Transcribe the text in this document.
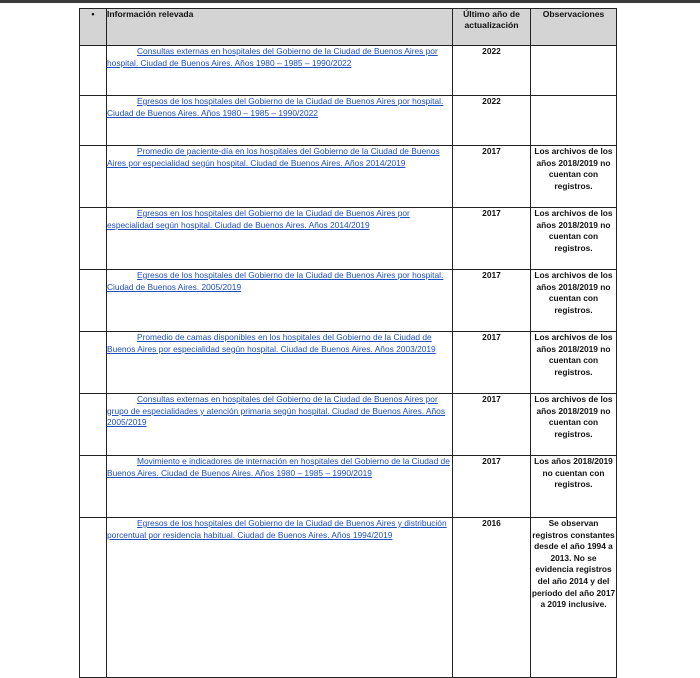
•	Información relevada	Último año de actualización	Observaciones
	Consultas externas en hospitales del Gobierno de la Ciudad de Buenos Aires por hospital. Ciudad de Buenos Aires. Años 1980 – 1985 – 1990/2022	2022	
	Egresos de los hospitales del Gobierno de la Ciudad de Buenos Aires por hospital. Ciudad de Buenos Aires. Años 1980 – 1985 – 1990/2022	2022	
	Promedio de paciente-día en los hospitales del Gobierno de la Ciudad de Buenos Aires por especialidad según hospital. Ciudad de Buenos Aires. Años 2014/2019	2017	Los archivos de los años 2018/2019 no cuentan con registros.
	Egresos en los hospitales del Gobierno de la Ciudad de Buenos Aires por especialidad según hospital. Ciudad de Buenos Aires. Años 2014/2019	2017	Los archivos de los años 2018/2019 no cuentan con registros.
	Egresos de los hospitales del Gobierno de la Ciudad de Buenos Aires por hospital. Ciudad de Buenos Aires. 2005/2019	2017	Los archivos de los años 2018/2019 no cuentan con registros.
	Promedio de camas disponibles en los hospitales del Gobierno de la Ciudad de Buenos Aires por especialidad según hospital. Ciudad de Buenos Aires. Años 2003/2019	2017	Los archivos de los años 2018/2019 no cuentan con registros.
	Consultas externas en hospitales del Gobierno de la Ciudad de Buenos Aires por grupo de especialidades y atención primaria según hospital. Ciudad de Buenos Aires. Años 2005/2019	2017	Los archivos de los años 2018/2019 no cuentan con registros.
	Movimiento e indicadores de internación en hospitales del Gobierno de la Ciudad de Buenos Aires. Ciudad de Buenos Aires. Años 1980 – 1985 – 1990/2019	2017	Los años 2018/2019 no cuentan con registros.
	Egresos de los hospitales del Gobierno de la Ciudad de Buenos Aires y distribución porcentual por residencia habitual. Ciudad de Buenos Aires. Años 1994/2019	2016	Se observan registros constantes desde el año 1994 a 2013. No se evidencia registros del año 2014 y del período del año 2017 a 2019 inclusive.
